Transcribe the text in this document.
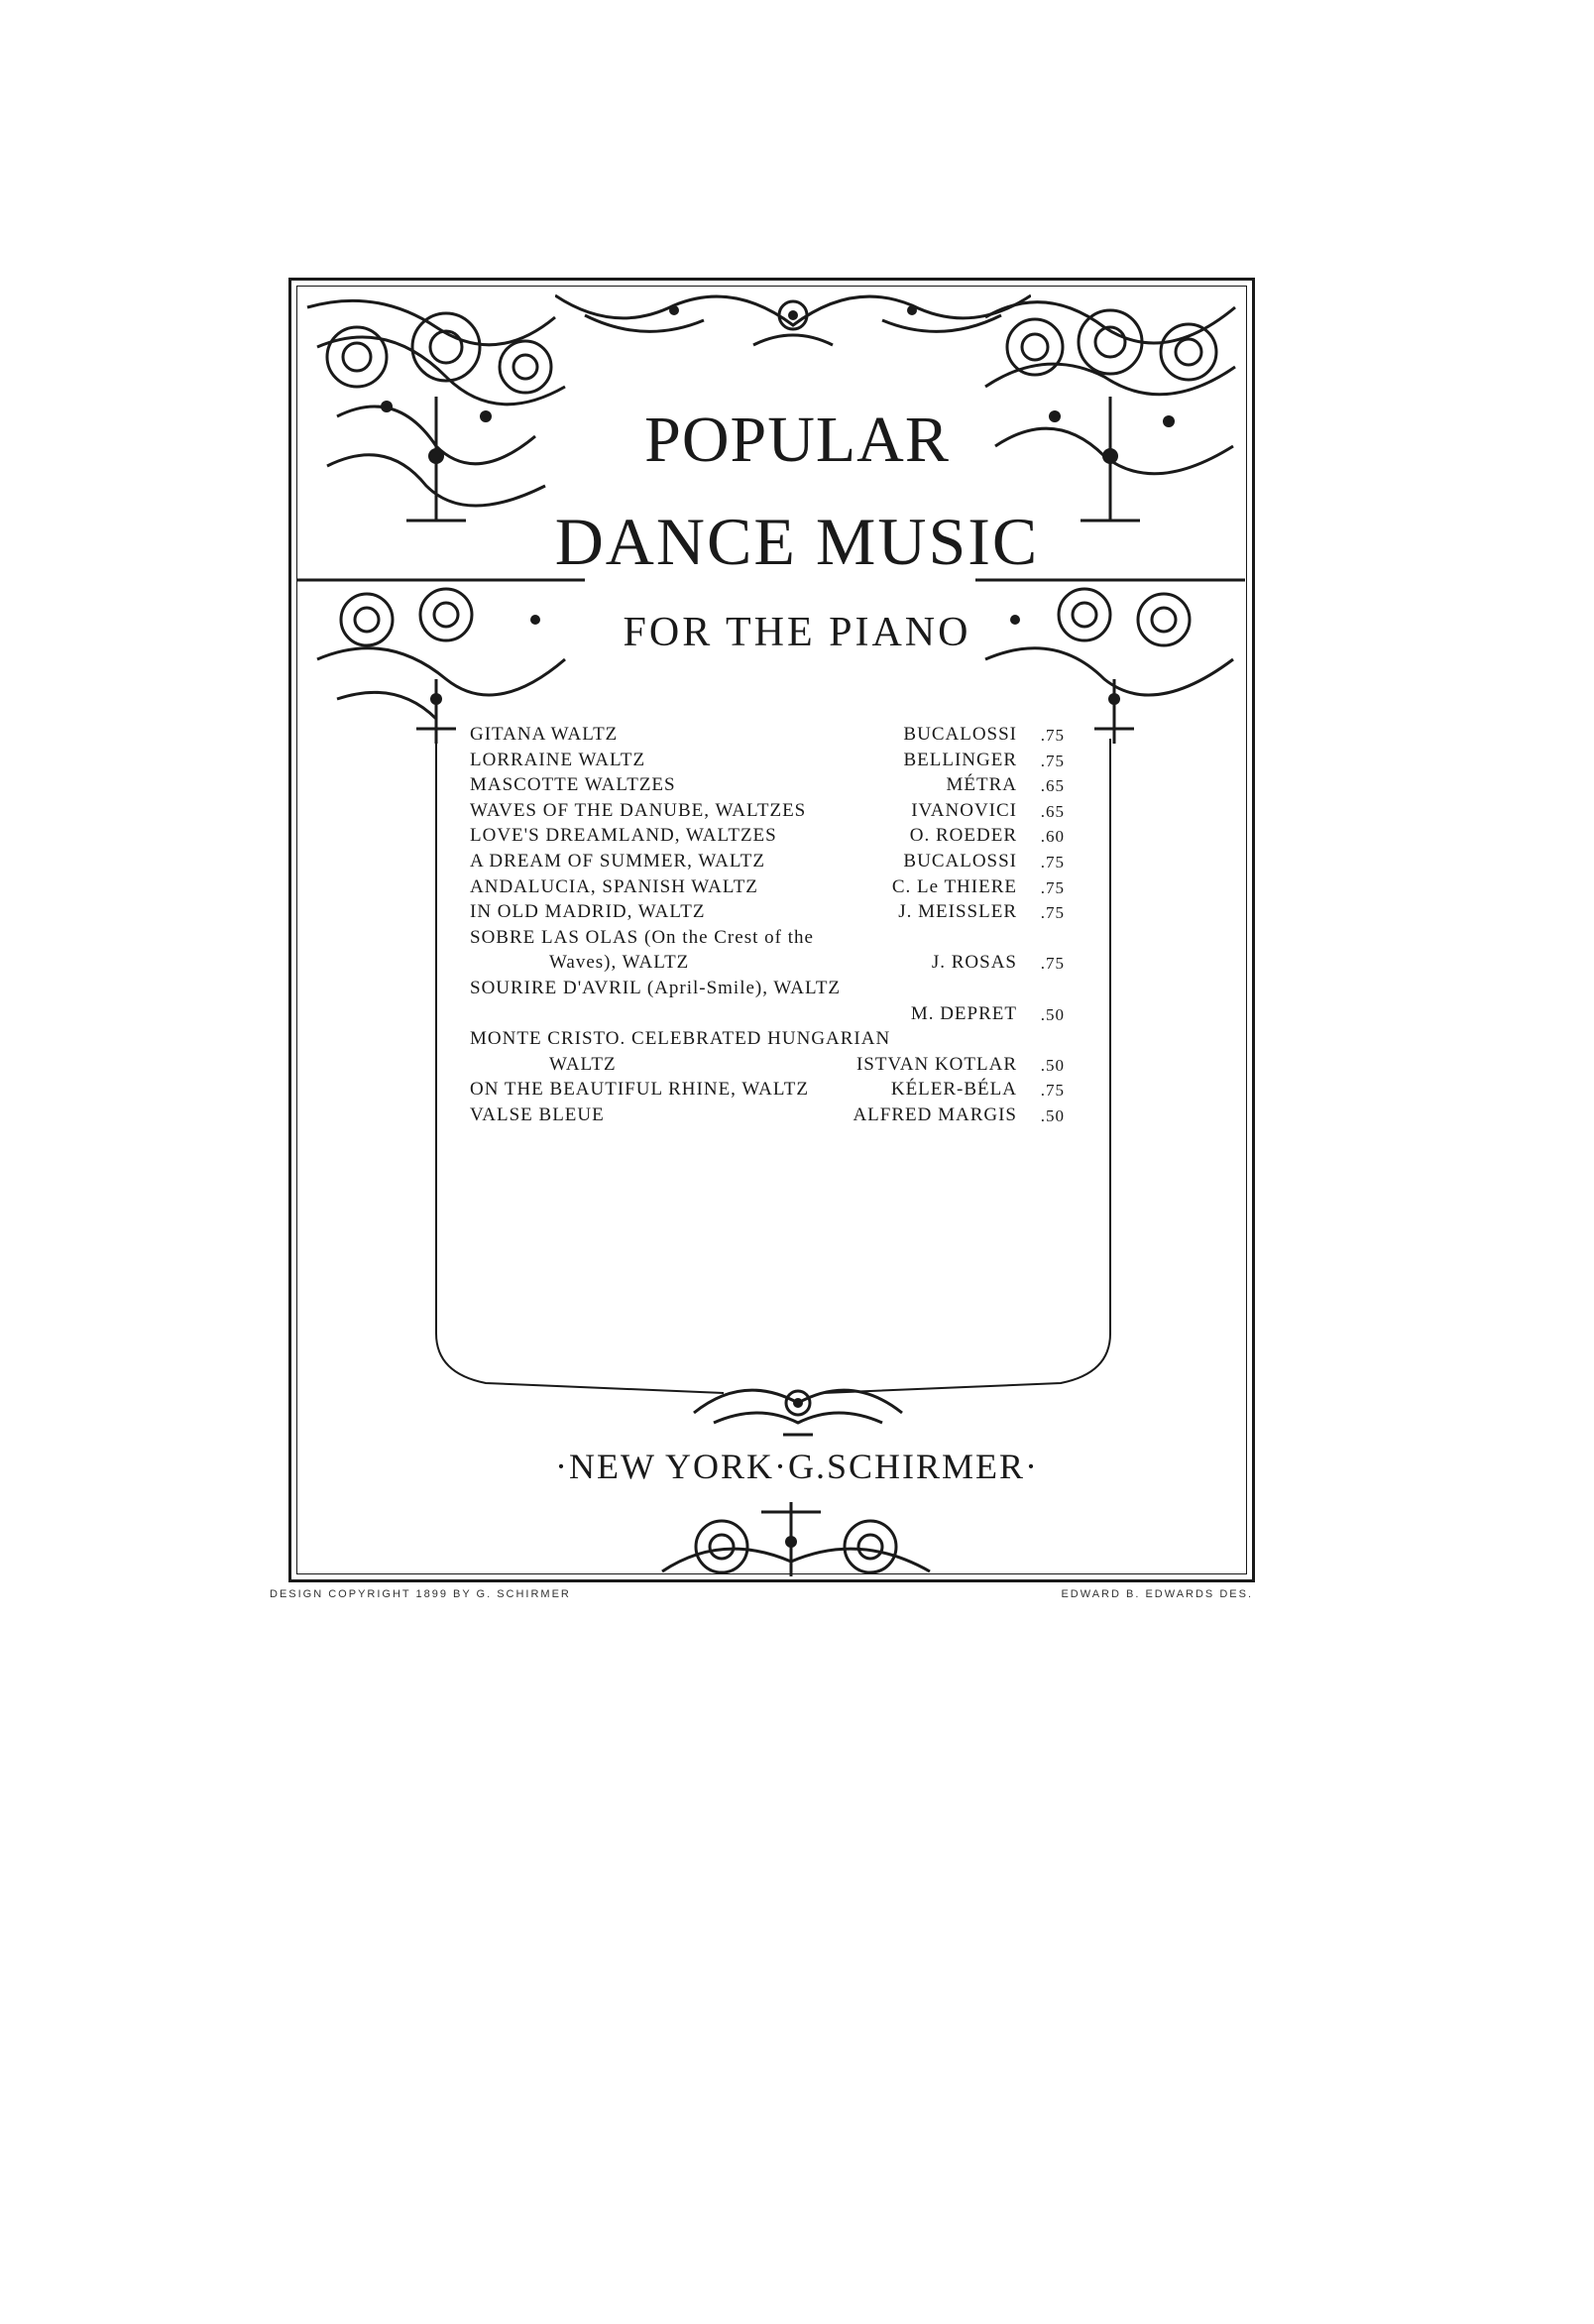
POPULAR
DANCE MUSIC
FOR THE PIANO
GITANA WALTZ	BUCALOSSI .75
LORRAINE WALTZ	BELLINGER .75
MASCOTTE WALTZES	MÉTRA .65
WAVES OF THE DANUBE, WALTZES	IVANOVICI .65
LOVE'S DREAMLAND, WALTZES	O. ROEDER .60
A DREAM OF SUMMER, WALTZ	BUCALOSSI .75
ANDALUCIA, SPANISH WALTZ	C. Le THIERE .75
IN OLD MADRID, WALTZ	J. MEISSLER .75
SOBRE LAS OLAS (On the Crest of the
Waves), WALTZ	J. ROSAS .75
SOURIRE D'AVRIL (April-Smile), WALTZ
M. DEPRET .50
MONTE CRISTO. CELEBRATED HUNGARIAN
WALTZ	ISTVAN KOTLAR .50
ON THE BEAUTIFUL RHINE, WALTZ	KÉLER-BÉLA .75
VALSE BLEUE	ALFRED MARGIS .50
·NEW YORK·G.SCHIRMER·
DESIGN COPYRIGHT 1899 BY G. SCHIRMER	EDWARD B. EDWARDS DES.
